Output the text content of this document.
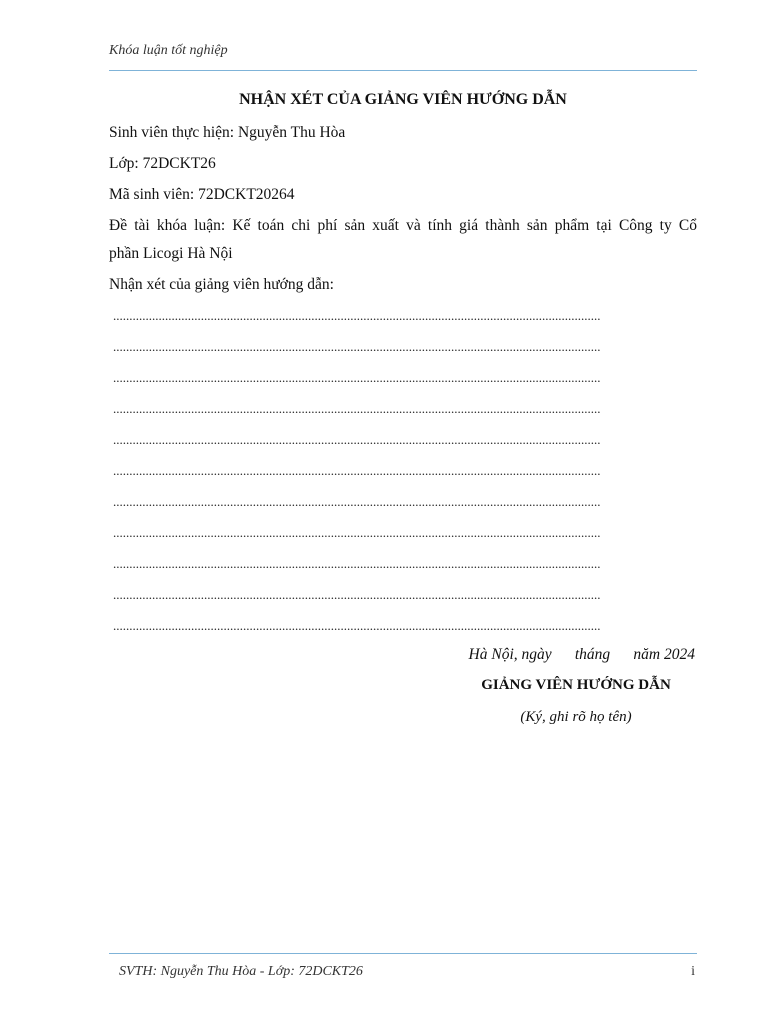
Khóa luận tốt nghiệp
NHẬN XÉT CỦA GIẢNG VIÊN HƯỚNG DẪN
Sinh viên thực hiện: Nguyễn Thu Hòa
Lớp: 72DCKT26
Mã sinh viên: 72DCKT20264
Đề tài khóa luận: Kế toán chi phí sản xuất và tính giá thành sản phẩm tại Công ty Cổ
phần Licogi Hà Nội
Nhận xét của giảng viên hướng dẫn:
......................................................................................................................................................
......................................................................................................................................................
......................................................................................................................................................
......................................................................................................................................................
......................................................................................................................................................
......................................................................................................................................................
......................................................................................................................................................
......................................................................................................................................................
......................................................................................................................................................
......................................................................................................................................................
......................................................................................................................................................
Hà Nội, ngày      tháng      năm 2024
GIẢNG VIÊN HƯỚNG DẪN
(Ký, ghi rõ họ tên)
SVTH: Nguyễn Thu Hòa - Lớp: 72DCKT26	i
